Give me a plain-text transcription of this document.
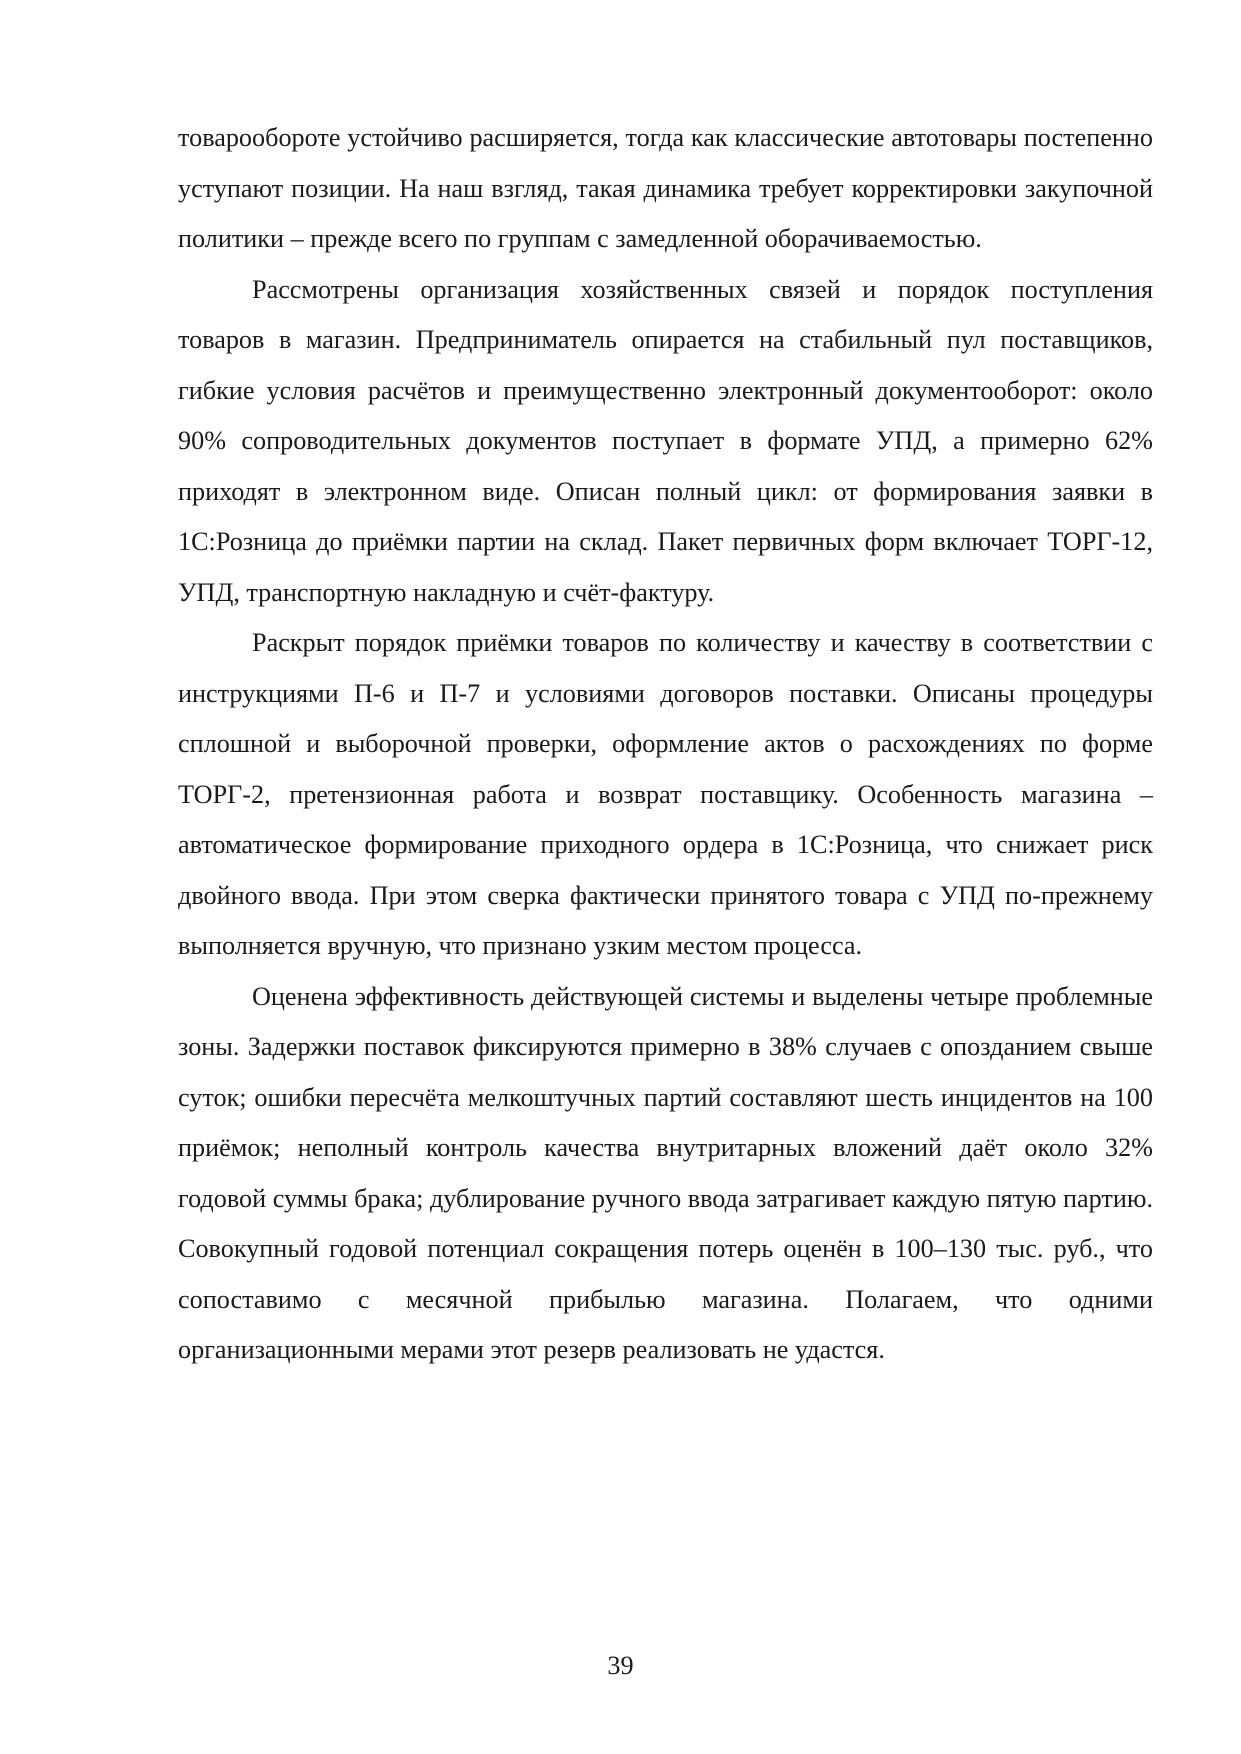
товарообороте устойчиво расширяется, тогда как классические автотовары постепенно уступают позиции. На наш взгляд, такая динамика требует корректировки закупочной политики – прежде всего по группам с замедленной оборачиваемостью.

Рассмотрены организация хозяйственных связей и порядок поступления товаров в магазин. Предприниматель опирается на стабильный пул поставщиков, гибкие условия расчётов и преимущественно электронный документооборот: около 90% сопроводительных документов поступает в формате УПД, а примерно 62% приходят в электронном виде. Описан полный цикл: от формирования заявки в 1С:Розница до приёмки партии на склад. Пакет первичных форм включает ТОРГ-12, УПД, транспортную накладную и счёт-фактуру.

Раскрыт порядок приёмки товаров по количеству и качеству в соответствии с инструкциями П-6 и П-7 и условиями договоров поставки. Описаны процедуры сплошной и выборочной проверки, оформление актов о расхождениях по форме ТОРГ-2, претензионная работа и возврат поставщику. Особенность магазина – автоматическое формирование приходного ордера в 1С:Розница, что снижает риск двойного ввода. При этом сверка фактически принятого товара с УПД по-прежнему выполняется вручную, что признано узким местом процесса.

Оценена эффективность действующей системы и выделены четыре проблемные зоны. Задержки поставок фиксируются примерно в 38% случаев с опозданием свыше суток; ошибки пересчёта мелкоштучных партий составляют шесть инцидентов на 100 приёмок; неполный контроль качества внутритарных вложений даёт около 32% годовой суммы брака; дублирование ручного ввода затрагивает каждую пятую партию. Совокупный годовой потенциал сокращения потерь оценён в 100–130 тыс. руб., что сопоставимо с месячной прибылью магазина. Полагаем, что одними организационными мерами этот резерв реализовать не удастся.

39
